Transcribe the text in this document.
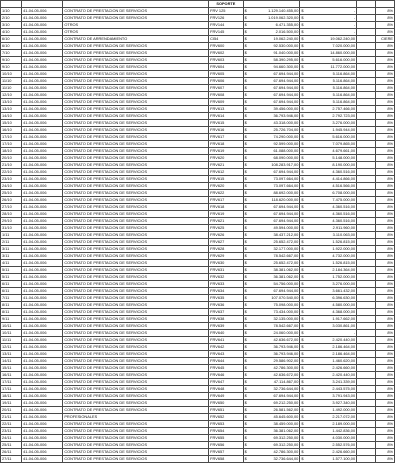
			SOPORTE						
1/10	41-04-05-006	CONTRATO DE PRESTACION DE SERVICIOS	FRV 125	$	1.129.140.455,00	$	-		8%
2/10	41-04-05-006	CONTRATO DE PRESTACION DE SERVICIOS	FRV126	$	1.019.062.320,00	$	-		8%
3/10	41-04-05-006	OTROS	FRV144	$	6.471.355,00	$	-		8%
4/10	41-04-05-006	OTROS	FRV145	$	2.016.500,00	$	-		8%
6/10	41-04-05-006	CONTRATO DE ARRENDAMIENTO	CI54	$	19.062.240,00	$	19.062.240,00		CIERE
6/10	41-04-05-006	CONTRATO DE PRESTACION DE SERVICIOS	FRV600	$	92.530.000,00	$	7.020.000,00		8%
7/10	41-04-05-006	CONTRATO DE PRESTACION DE SERVICIOS	FRV602	$	91.040.000,00	$	14.860.000,00		8%
9/10	41-04-05-006	CONTRATO DE PRESTACION DE SERVICIOS	FRV603	$	58.390.295,00	$	5.616.000,00		8%
9/10	41-04-05-006	CONTRATO DE PRESTACION DE SERVICIOS	FRV604	$	94.660.300,00	$	11.772.000,00		8%
10/10	41-04-05-006	CONTRATO DE PRESTACION DE SERVICIOS	FRV605	$	67.694.944,00	$	5.116.864,00		8%
11/10	41-04-05-006	CONTRATO DE PRESTACION DE SERVICIOS	FRV606	$	67.694.944,00	$	5.116.864,00		8%
11/10	41-04-05-006	CONTRATO DE PRESTACION DE SERVICIOS	FRV607	$	67.694.944,00	$	5.116.864,00		8%
12/10	41-04-05-006	CONTRATO DE PRESTACION DE SERVICIOS	FRV608	$	67.694.944,00	$	5.116.864,00		8%
13/10	41-04-05-006	CONTRATO DE PRESTACION DE SERVICIOS	FRV609	$	67.694.944,00	$	5.116.864,00		8%
13/10	41-04-05-006	CONTRATO DE PRESTACION DE SERVICIOS	FRV613	$	39.456.000,00	$	2.757.466,00		8%
14/10	41-04-05-006	CONTRATO DE PRESTACION DE SERVICIOS	FRV614	$	36.793.946,00	$	2.792.723,00		8%
15/10	41-04-05-006	CONTRATO DE PRESTACION DE SERVICIOS	FRV615	$	43.318.000,00	$	3.276.000,00		8%
16/10	41-04-05-006	CONTRATO DE PRESTACION DE SERVICIOS	FRV616	$	25.726.704,00	$	1.945.944,00		8%
17/10	41-04-05-006	CONTRATO DE PRESTACION DE SERVICIOS	FRV617	$	74.290.000,00	$	5.616.000,00		8%
17/10	41-04-05-006	CONTRATO DE PRESTACION DE SERVICIOS	FRV618	$	92.599.000,00	$	7.079.865,00		8%
18/10	41-04-05-006	CONTRATO DE PRESTACION DE SERVICIOS	FRV619	$	61.088.000,00	$	4.679.661,00		8%
20/10	41-04-05-006	CONTRATO DE PRESTACION DE SERVICIOS	FRV620	$	68.090.000,00	$	5.148.000,00		8%
21/10	41-04-05-006	CONTRATO DE PRESTACION DE SERVICIOS	FRV621	$	108.283.917,00	$	8.190.000,00		8%
22/10	41-04-05-006	CONTRATO DE PRESTACION DE SERVICIOS	FRV612	$	67.694.944,00	$	4.360.516,00		8%
23/10	41-04-05-006	CONTRATO DE PRESTACION DE SERVICIOS	FRV615	$	73.097.664,00	$	4.414.866,00		8%
24/10	41-04-05-006	CONTRATO DE PRESTACION DE SERVICIOS	FRV620	$	73.097.664,00	$	4.516.566,00		8%
25/10	41-04-05-006	CONTRATO DE PRESTACION DE SERVICIOS	FRV622	$	88.692.000,00	$	6.708.000,00		8%
26/10	41-04-05-006	CONTRATO DE PRESTACION DE SERVICIOS	FRV617	$	118.620.000,00	$	7.475.000,00		8%
27/10	41-04-05-006	CONTRATO DE PRESTACION DE SERVICIOS	FRV618	$	67.694.944,00	$	4.360.516,00		8%
28/10	41-04-05-006	CONTRATO DE PRESTACION DE SERVICIOS	FRV619	$	67.694.944,00	$	4.360.516,00		8%
29/10	41-04-05-006	CONTRATO DE PRESTACION DE SERVICIOS	FRV621	$	67.694.944,00	$	4.360.516,00		8%
31/10	41-04-05-006	CONTRATO DE PRESTACION DE SERVICIOS	FRV625	$	49.594.000,00	$	2.911.960,00		8%
1/11	41-04-05-006	CONTRATO DE PRESTACION DE SERVICIOS	FRV626	$	38.437.212,00	$	3.110.063,00		8%
2/11	41-04-05-006	CONTRATO DE PRESTACION DE SERVICIOS	FRV627	$	25.652.472,00	$	1.526.815,00		8%
3/11	41-04-05-006	CONTRATO DE PRESTACION DE SERVICIOS	FRV628	$	32.177.000,00	$	1.922.000,00		8%
3/11	41-04-05-006	CONTRATO DE PRESTACION DE SERVICIOS	FRV629	$	78.542.667,00	$	4.732.000,00		8%
4/11	41-04-05-006	CONTRATO DE PRESTACION DE SERVICIOS	FRV630	$	25.652.472,00	$	1.526.815,00		8%
5/11	41-04-05-006	CONTRATO DE PRESTACION DE SERVICIOS	FRV631	$	38.381.062,00	$	2.184.364,00		8%
5/11	41-04-05-006	CONTRATO DE PRESTACION DE SERVICIOS	FRV632	$	36.381.062,00	$	1.752.000,00		8%
6/11	41-04-05-006	CONTRATO DE PRESTACION DE SERVICIOS	FRV633	$	54.756.000,00	$	3.276.000,00		8%
6/11	41-04-05-006	CONTRATO DE PRESTACION DE SERVICIOS	FRV634	$	67.694.944,00	$	3.661.432,00		8%
7/11	41-04-05-006	CONTRATO DE PRESTACION DE SERVICIOS	FRV635	$	107.070.540,00	$	6.396.630,00		8%
8/11	41-04-05-006	CONTRATO DE PRESTACION DE SERVICIOS	FRV636	$	75.098.000,00	$	4.580.000,00		8%
8/11	41-04-05-006	CONTRATO DE PRESTACION DE SERVICIOS	FRV637	$	73.434.000,00	$	4.368.000,00		8%
9/11	41-04-05-006	CONTRATO DE PRESTACION DE SERVICIOS	FRV638	$	32.135.000,00	$	1.917.662,00		8%
10/11	41-04-05-006	CONTRATO DE PRESTACION DE SERVICIOS	FRV639	$	78.542.667,00	$	3.030.861,00		8%
10/11	41-04-05-006	CONTRATO DE PRESTACION DE SERVICIOS	FRV640	$	24.060.000,00	$	-		8%
11/11	41-04-05-006	CONTRATO DE PRESTACION DE SERVICIOS	FRV641	$	42.636.672,00	$	2.420.440,00		8%
12/11	41-04-05-006	CONTRATO DE PRESTACION DE SERVICIOS	FRV642	$	36.793.946,00	$	2.186.464,00		8%
13/11	41-04-05-006	CONTRATO DE PRESTACION DE SERVICIOS	FRV643	$	36.793.946,00	$	2.186.464,00		8%
14/11	41-04-05-006	CONTRATO DE PRESTACION DE SERVICIOS	FRV644	$	29.586.902,00	$	1.460.620,00		8%
15/11	41-04-05-006	CONTRATO DE PRESTACION DE SERVICIOS	FRV645	$	42.786.300,00	$	2.426.660,00		8%
16/11	41-04-05-006	CONTRATO DE PRESTACION DE SERVICIOS	FRV646	$	42.636.672,00	$	2.420.440,00		8%
17/11	41-04-05-006	CONTRATO DE PRESTACION DE SERVICIOS	FRV647	$	47.114.867,00	$	3.241.339,00		8%
17/11	41-04-05-006	CONTRATO DE PRESTACION DE SERVICIOS	FRV648	$	32.736.644,00	$	2.443.575,00		8%
18/11	41-04-05-006	CONTRATO DE PRESTACION DE SERVICIOS	FRV649	$	67.694.944,00	$	3.791.943,00		8%
19/11	41-04-05-006	CONTRATO DE PRESTACION DE SERVICIOS	FRV650	$	69.212.250,00	$	3.927.340,00		8%
20/11	41-04-05-006	CONTRATO DE PRESTACION DE SERVICIOS	FRV651	$	26.581.562,00	$	1.492.000,00		8%
21/11	41-04-05-006	PROFESIONALES	FRV652	$	45.645.600,00	$	2.217.072,00		8%
22/11	41-04-05-006	CONTRATO DE PRESTACION DE SERVICIOS	FRV653	$	38.459.000,00	$	2.189.000,00		8%
23/11	41-04-05-006	CONTRATO DE PRESTACION DE SERVICIOS	FRV654	$	36.381.062,00	$	1.442.836,00		8%
24/11	41-04-05-006	CONTRATO DE PRESTACION DE SERVICIOS	FRV655	$	69.312.250,00	$	4.030.000,00		8%
25/11	41-04-05-006	CONTRATO DE PRESTACION DE SERVICIOS	FRV656	$	69.312.250,00	$	2.552.576,00		8%
26/11	41-04-05-006	CONTRATO DE PRESTACION DE SERVICIOS	FRV657	$	42.786.300,00	$	2.426.660,00		8%
27/11	41-04-05-006	CONTRATO DE PRESTACION DE SERVICIOS	FRV658	$	32.736.644,00	$	1.577.100,00		8%
